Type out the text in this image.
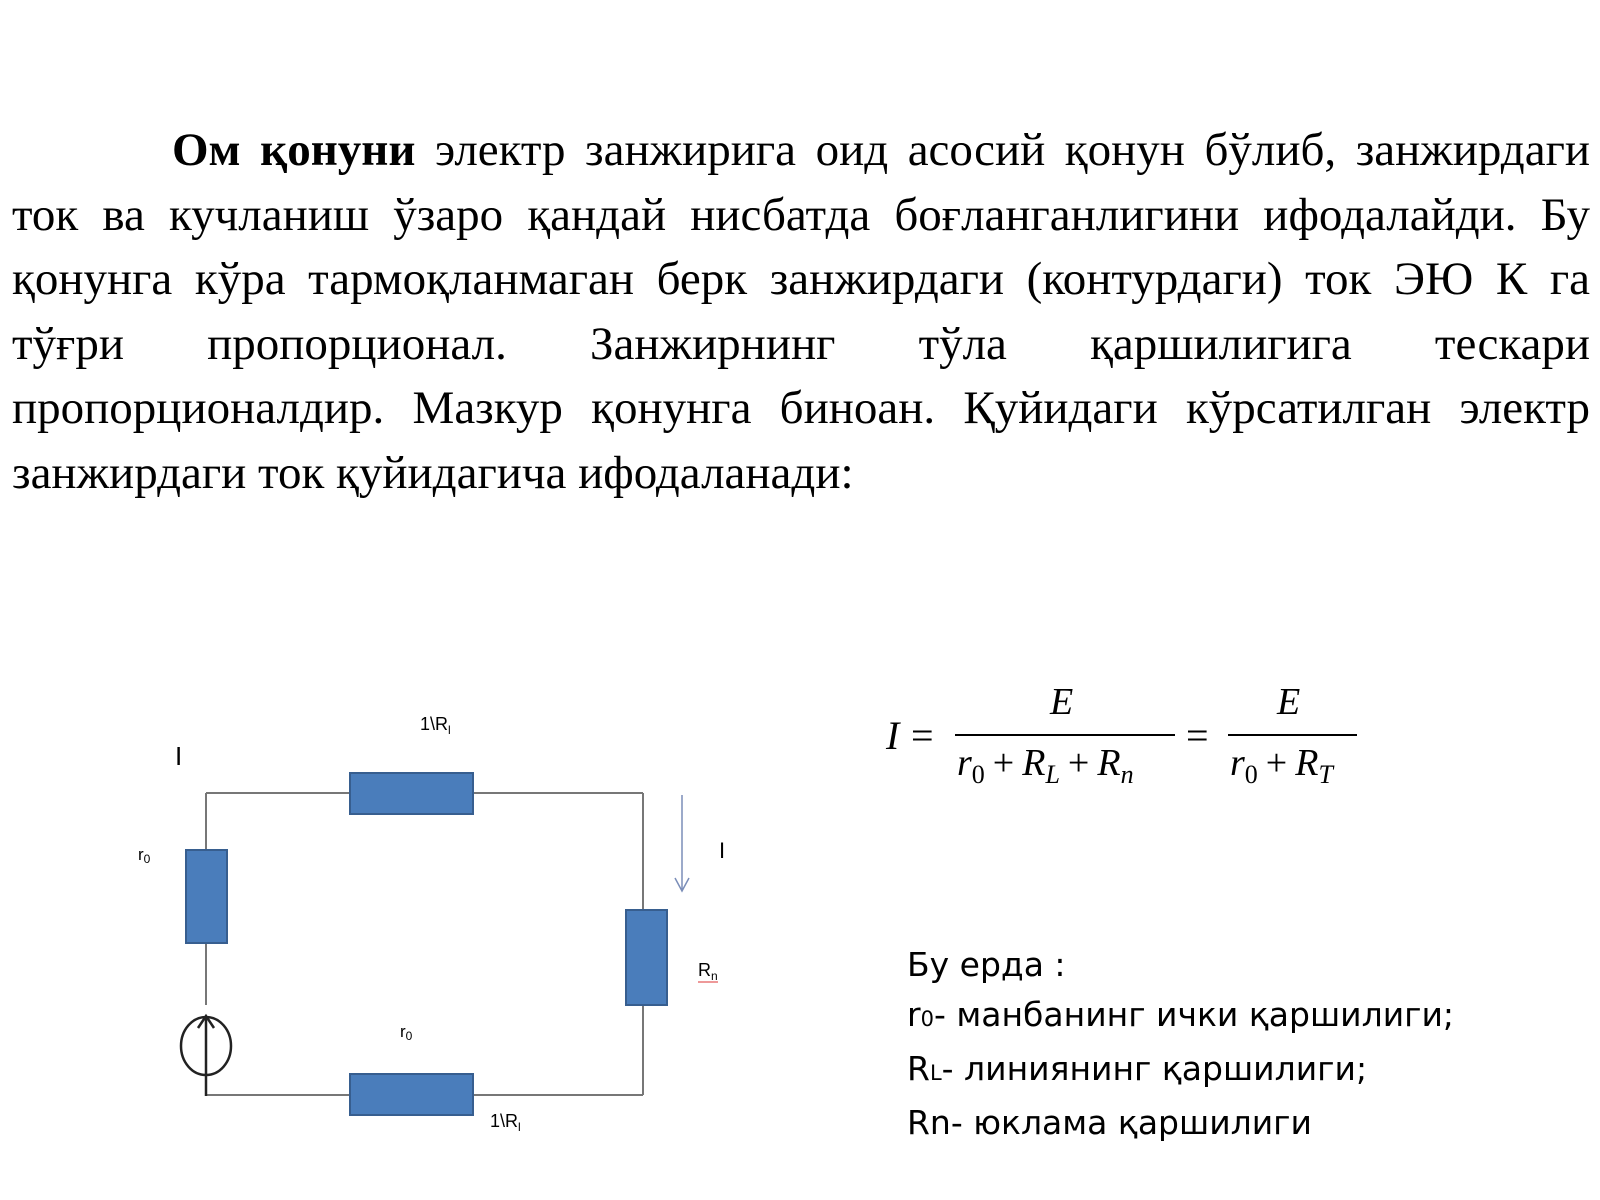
Ом қонуни электр занжирига оид асосий қонун бўлиб, занжирдаги ток ва кучланиш ўзаро қандай нисбатда боғланганлигини ифодалайди. Бу қонунга кўра тармоқланмаган берк занжирдаги (контурдаги) ток ЭЮ К га тўғри пропорционал. Занжирнинг тўла қаршилигига тескари пропорционалдир. Мазкур қонунга биноан. Қуйидаги кўрсатилган электр занжирдаги ток қуйидагича ифодаланади:

I
I
r0
r0
$1\backslash R_l$
$1\backslash R_l$
$R_n$
I =
E
$r_0 + R_L + R_n$
=
E
$r_0 + R_T$
Бу ерда :
r0- манбанинг ички қаршилиги;
RL- линиянинг қаршилиги;
Rn- юклама қаршилиги
